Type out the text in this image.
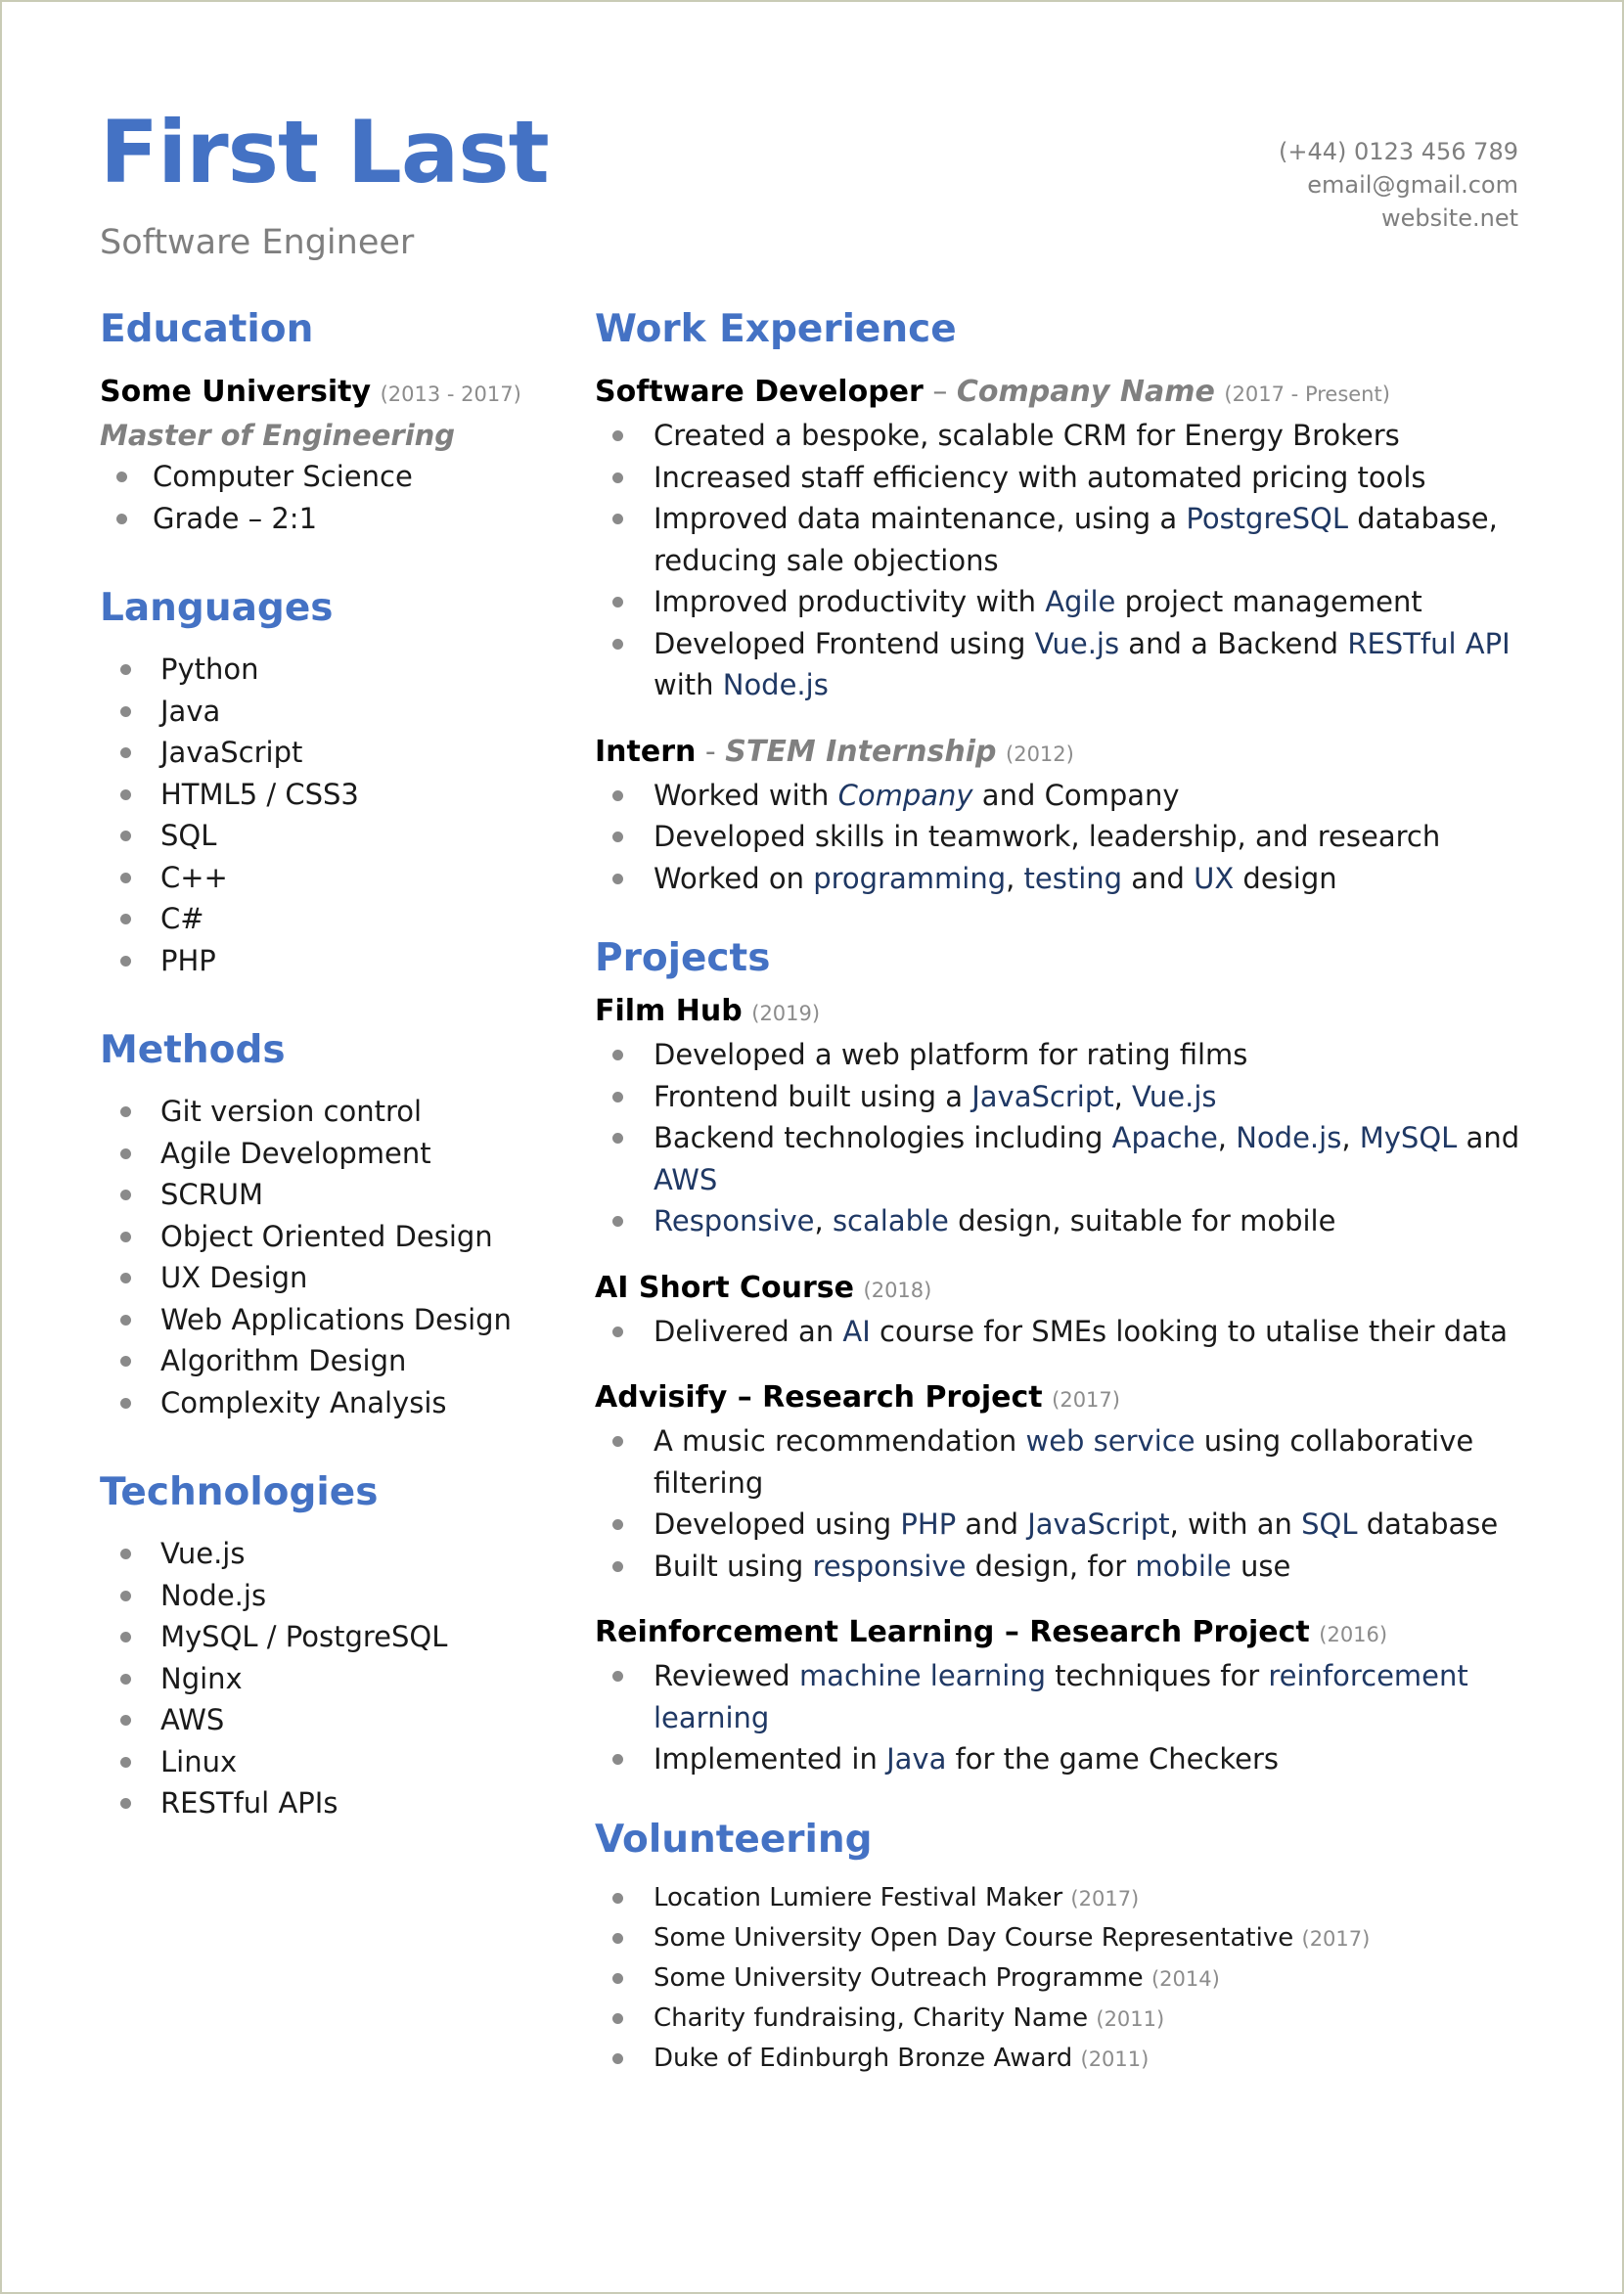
First Last
Software Engineer
(+44) 0123 456 789
email@gmail.com
website.net
Education
Some University (2013 - 2017)
Master of Engineering
Computer Science
Grade – 2:1
Languages
Python
Java
JavaScript
HTML5 / CSS3
SQL
C++
C#
PHP
Methods
Git version control
Agile Development
SCRUM
Object Oriented Design
UX Design
Web Applications Design
Algorithm Design
Complexity Analysis
Technologies
Vue.js
Node.js
MySQL / PostgreSQL
Nginx
AWS
Linux
RESTful APIs
Work Experience
Software Developer – Company Name (2017 - Present)
Created a bespoke, scalable CRM for Energy Brokers
Increased staff efficiency with automated pricing tools
Improved data maintenance, using a PostgreSQL database, reducing sale objections
Improved productivity with Agile project management
Developed Frontend using Vue.js and a Backend RESTful API with Node.js
Intern - STEM Internship (2012)
Worked with Company and Company
Developed skills in teamwork, leadership, and research
Worked on programming, testing and UX design
Projects
Film Hub (2019)
Developed a web platform for rating films
Frontend built using a JavaScript, Vue.js
Backend technologies including Apache, Node.js, MySQL and AWS
Responsive, scalable design, suitable for mobile
AI Short Course (2018)
Delivered an AI course for SMEs looking to utalise their data
Advisify – Research Project (2017)
A music recommendation web service using collaborative filtering
Developed using PHP and JavaScript, with an SQL database
Built using responsive design, for mobile use
Reinforcement Learning – Research Project (2016)
Reviewed machine learning techniques for reinforcement learning
Implemented in Java for the game Checkers
Volunteering
Location Lumiere Festival Maker (2017)
Some University Open Day Course Representative (2017)
Some University Outreach Programme (2014)
Charity fundraising, Charity Name (2011)
Duke of Edinburgh Bronze Award (2011)
